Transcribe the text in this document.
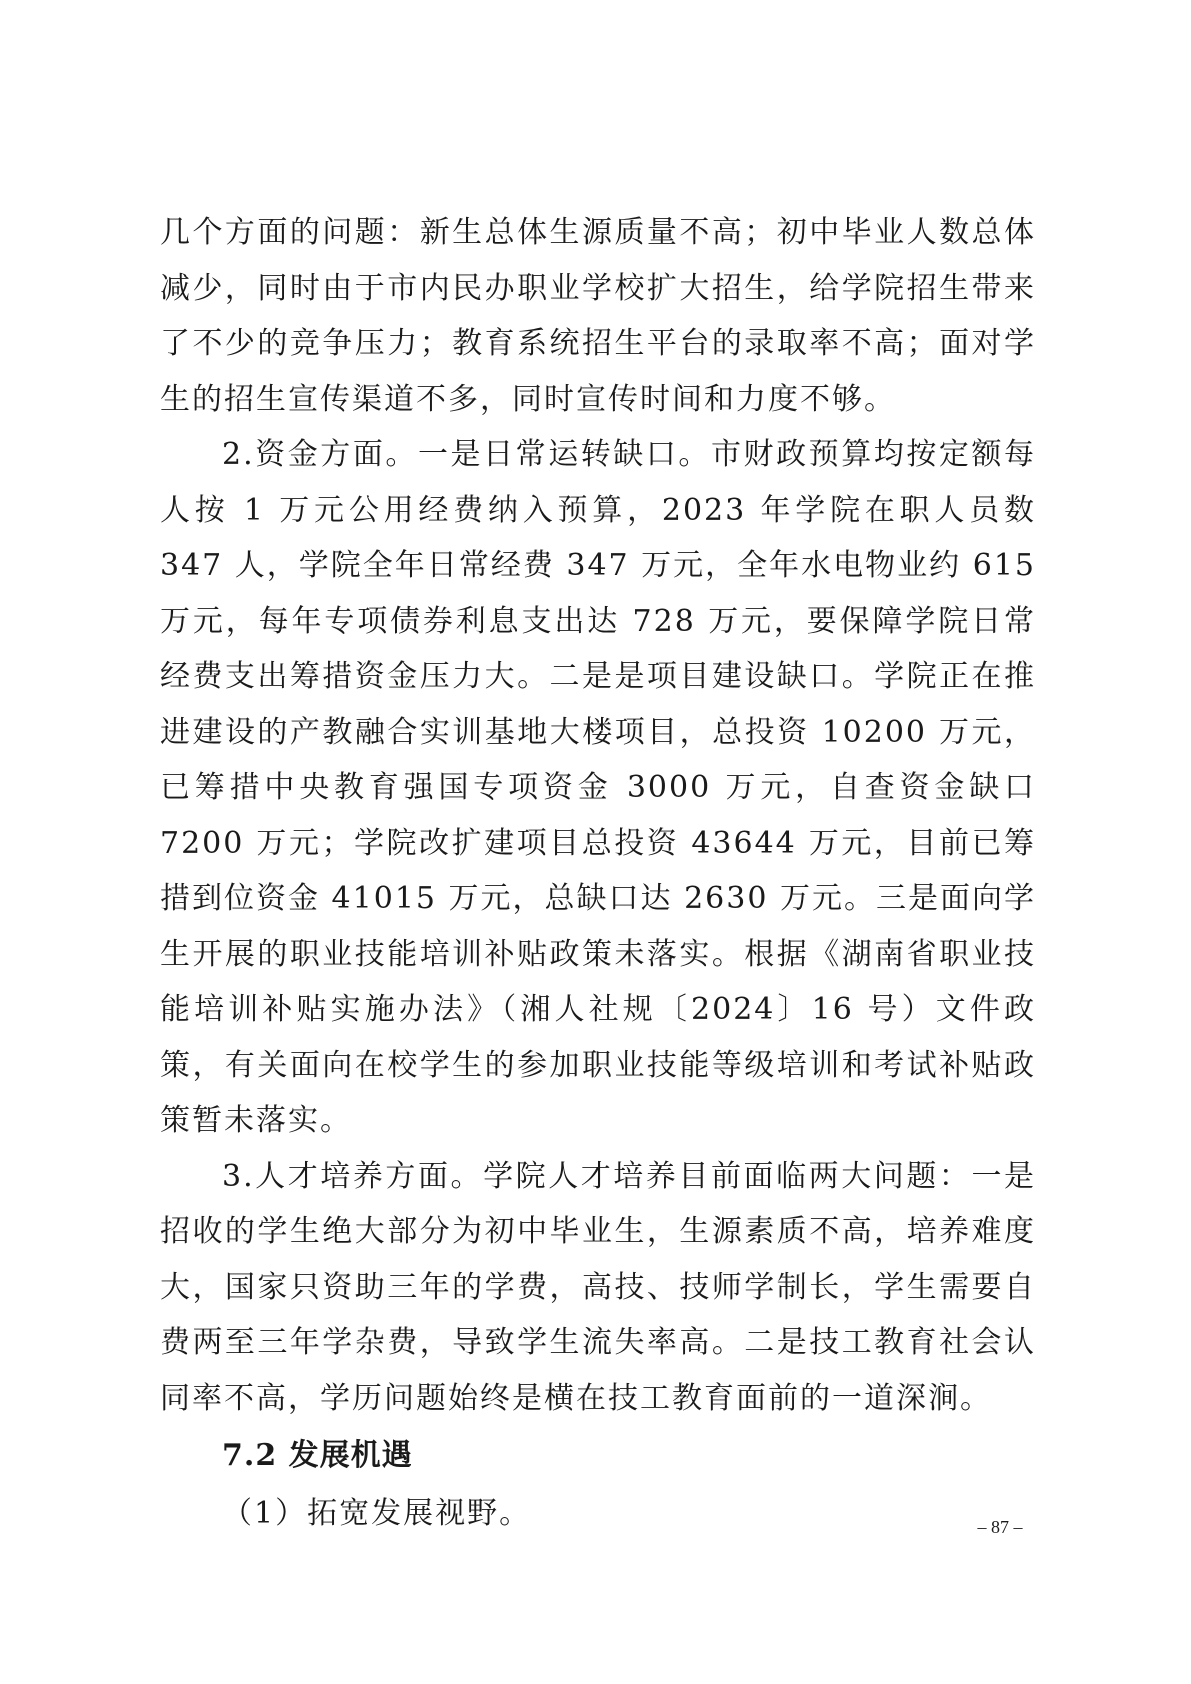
几个方面的问题：新生总体生源质量不高；初中毕业人数总体减少，同时由于市内民办职业学校扩大招生，给学院招生带来了不少的竞争压力；教育系统招生平台的录取率不高；面对学生的招生宣传渠道不多，同时宣传时间和力度不够。

2.资金方面。一是日常运转缺口。市财政预算均按定额每人按 1 万元公用经费纳入预算，2023 年学院在职人员数 347 人，学院全年日常经费 347 万元，全年水电物业约 615 万元，每年专项债券利息支出达 728 万元，要保障学院日常经费支出筹措资金压力大。二是是项目建设缺口。学院正在推进建设的产教融合实训基地大楼项目，总投资 10200 万元，已筹措中央教育强国专项资金 3000 万元，自查资金缺口 7200 万元；学院改扩建项目总投资 43644 万元，目前已筹措到位资金 41015 万元，总缺口达 2630 万元。三是面向学生开展的职业技能培训补贴政策未落实。根据《湖南省职业技能培训补贴实施办法》（湘人社规〔2024〕16 号）文件政策，有关面向在校学生的参加职业技能等级培训和考试补贴政策暂未落实。

3.人才培养方面。学院人才培养目前面临两大问题：一是招收的学生绝大部分为初中毕业生，生源素质不高，培养难度大，国家只资助三年的学费，高技、技师学制长，学生需要自费两至三年学杂费，导致学生流失率高。二是技工教育社会认同率不高，学历问题始终是横在技工教育面前的一道深涧。

7.2 发展机遇

（1）拓宽发展视野。	– 87 –
